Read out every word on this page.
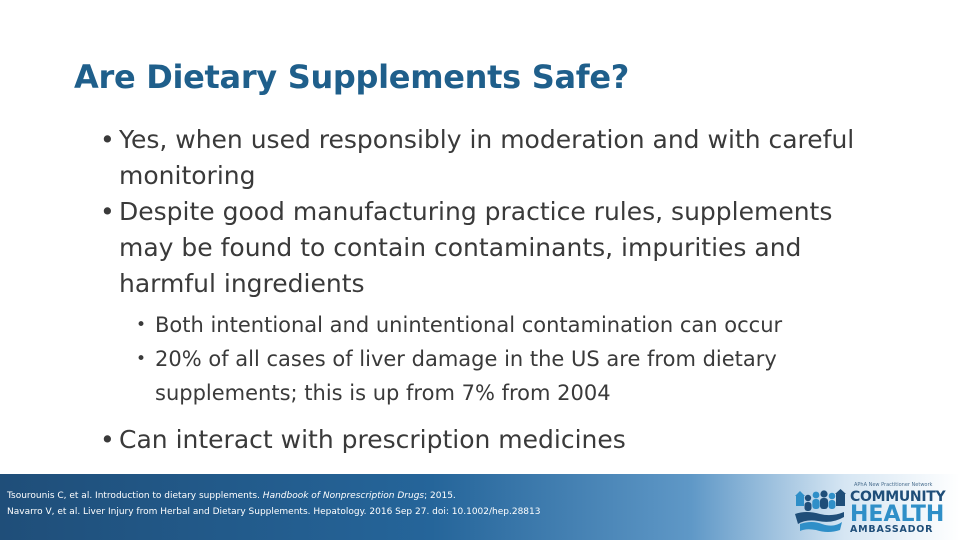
Are Dietary Supplements Safe?
• Yes, when used responsibly in moderation and with careful monitoring
• Despite good manufacturing practice rules, supplements may be found to contain contaminants, impurities and harmful ingredients
• Both intentional and unintentional contamination can occur
• 20% of all cases of liver damage in the US are from dietary supplements; this is up from 7% from 2004
• Can interact with prescription medicines
Tsourounis C, et al. Introduction to dietary supplements. Handbook of Nonprescription Drugs; 2015.
Navarro V, et al. Liver Injury from Herbal and Dietary Supplements. Hepatology. 2016 Sep 27. doi: 10.1002/hep.28813
APhA New Practitioner Network
COMMUNITY
HEALTH
AMBASSADOR
